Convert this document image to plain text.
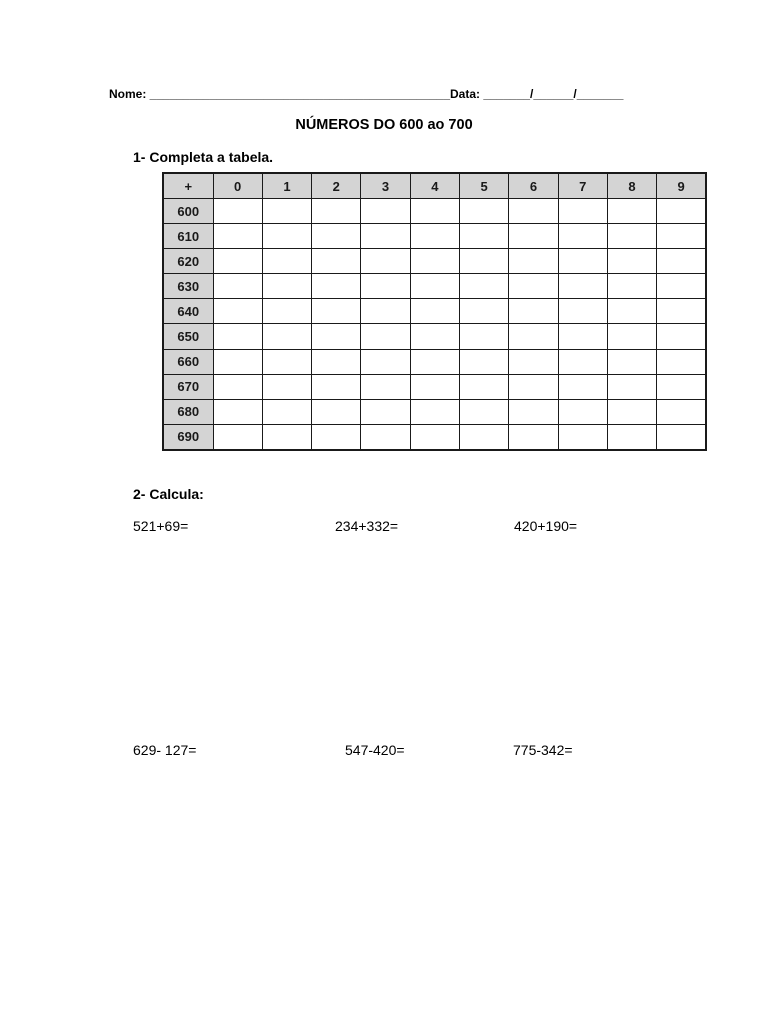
Nome: _____________________________________________Data: _______/______/_______
NÚMEROS DO 600 ao 700
1- Completa a tabela.
+	0	1	2	3	4	5	6	7	8	9
600										
610										
620										
630										
640										
650										
660										
670										
680										
690										
2- Calcula:
521+69=	234+332=	420+190=
629- 127=	547-420=	775-342=
